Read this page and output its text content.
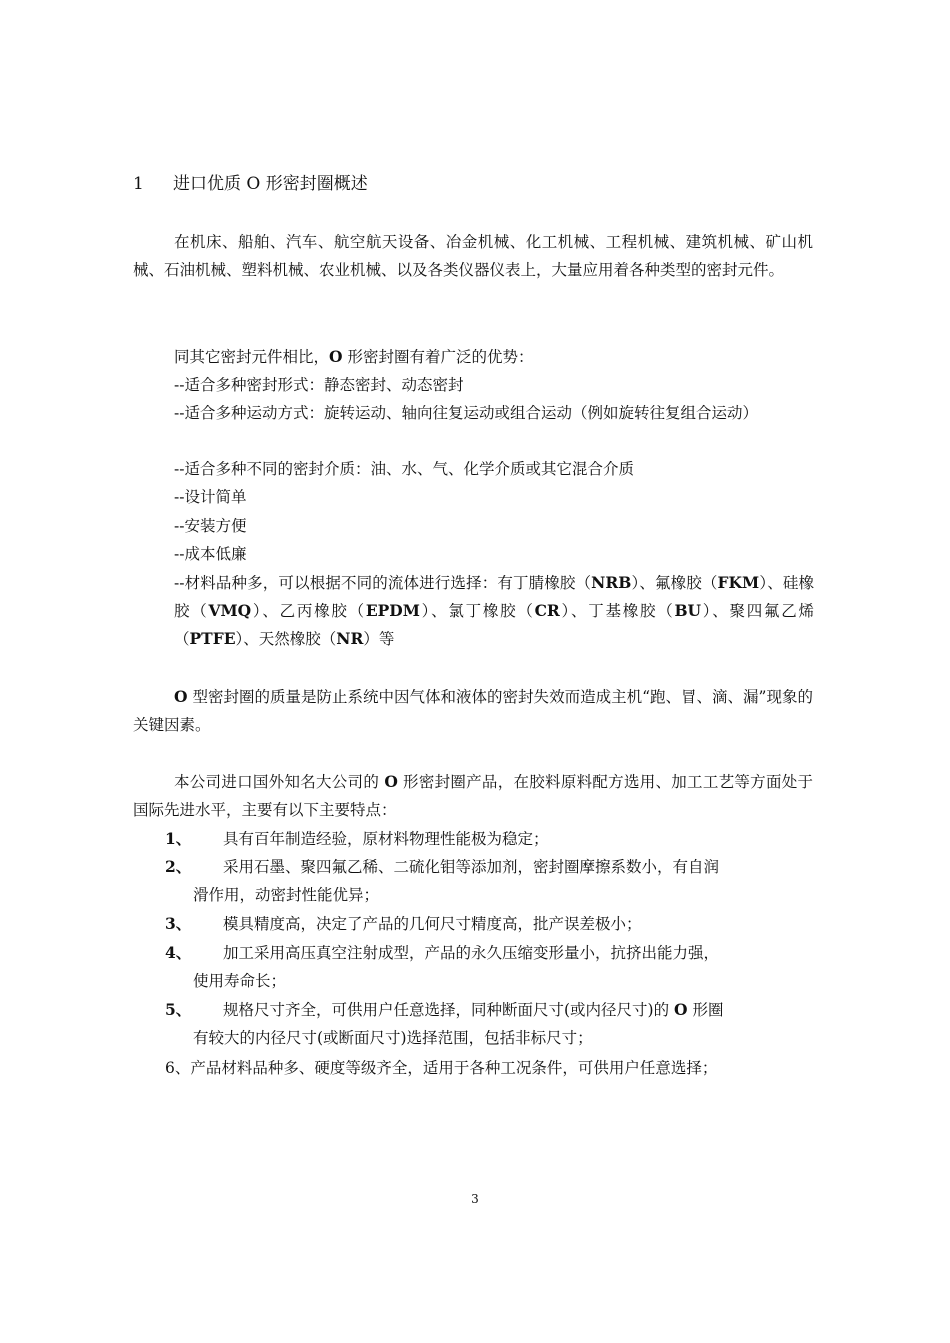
1 进口优质 O 形密封圈概述
在机床、船舶、汽车、航空航天设备、冶金机械、化工机械、工程机械、建筑机械、矿山机械、石油机械、塑料机械、农业机械、以及各类仪器仪表上，大量应用着各种类型的密封元件。
同其它密封元件相比，O 形密封圈有着广泛的优势：
--适合多种密封形式：静态密封、动态密封
--适合多种运动方式：旋转运动、轴向往复运动或组合运动（例如旋转往复组合运动）
--适合多种不同的密封介质：油、水、气、化学介质或其它混合介质
--设计简单
--安装方便
--成本低廉
--材料品种多，可以根据不同的流体进行选择：有丁腈橡胶（NRB）、氟橡胶（FKM）、硅橡胶（VMQ）、乙丙橡胶（EPDM）、氯丁橡胶（CR）、丁基橡胶（BU）、聚四氟乙烯（PTFE）、天然橡胶（NR）等
O 型密封圈的质量是防止系统中因气体和液体的密封失效而造成主机“跑、冒、滴、漏”现象的关键因素。
本公司进口国外知名大公司的 O 形密封圈产品，在胶料原料配方选用、加工工艺等方面处于国际先进水平，主要有以下主要特点：
1、 具有百年制造经验，原材料物理性能极为稳定；
2、 采用石墨、聚四氟乙稀、二硫化钼等添加剂，密封圈摩擦系数小，有自润
滑作用，动密封性能优异；
3、 模具精度高，决定了产品的几何尺寸精度高，批产误差极小；
4、 加工采用高压真空注射成型，产品的永久压缩变形量小，抗挤出能力强，
使用寿命长；
5、 规格尺寸齐全，可供用户任意选择，同种断面尺寸(或内径尺寸)的 O 形圈
有较大的内径尺寸(或断面尺寸)选择范围，包括非标尺寸；
6、产品材料品种多、硬度等级齐全，适用于各种工况条件，可供用户任意选择；
3
